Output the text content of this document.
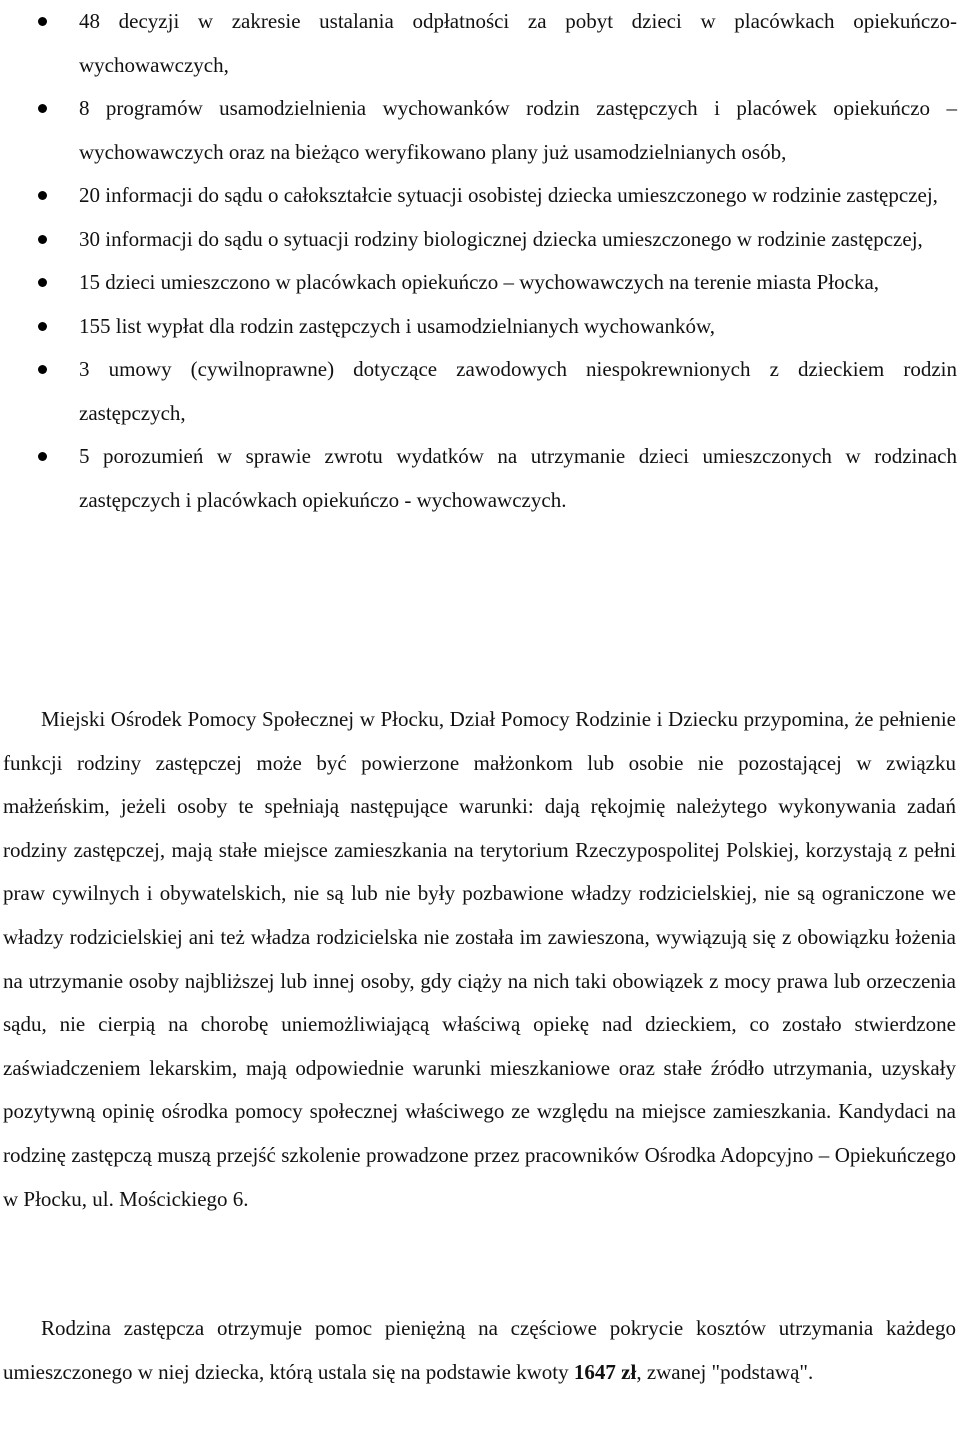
48 decyzji w zakresie ustalania odpłatności za pobyt dzieci w placówkach opiekuńczo-wychowawczych,
8 programów usamodzielnienia wychowanków rodzin zastępczych i placówek opiekuńczo – wychowawczych oraz na bieżąco weryfikowano plany już usamodzielnianych osób,
20 informacji do sądu o całokształcie sytuacji osobistej dziecka umieszczonego w rodzinie zastępczej,
30 informacji do sądu o sytuacji rodziny biologicznej dziecka umieszczonego w rodzinie zastępczej,
15 dzieci umieszczono w placówkach opiekuńczo – wychowawczych na terenie miasta Płocka,
155 list wypłat dla rodzin zastępczych i usamodzielnianych wychowanków,
3 umowy (cywilnoprawne) dotyczące zawodowych niespokrewnionych z dzieckiem rodzin zastępczych,
5 porozumień w sprawie zwrotu wydatków na utrzymanie dzieci umieszczonych w rodzinach zastępczych i placówkach opiekuńczo - wychowawczych.

Miejski Ośrodek Pomocy Społecznej w Płocku, Dział Pomocy Rodzinie i Dziecku przypomina, że pełnienie funkcji rodziny zastępczej może być powierzone małżonkom lub osobie nie pozostającej w związku małżeńskim, jeżeli osoby te spełniają następujące warunki: dają rękojmię należytego wykonywania zadań rodziny zastępczej, mają stałe miejsce zamieszkania na terytorium Rzeczypospolitej Polskiej, korzystają z pełni praw cywilnych i obywatelskich, nie są lub nie były pozbawione władzy rodzicielskiej, nie są ograniczone we władzy rodzicielskiej ani też władza rodzicielska nie została im zawieszona, wywiązują się z obowiązku łożenia na utrzymanie osoby najbliższej lub innej osoby, gdy ciąży na nich taki obowiązek z mocy prawa lub orzeczenia sądu, nie cierpią na chorobę uniemożliwiającą właściwą opiekę nad dzieckiem, co zostało stwierdzone zaświadczeniem lekarskim, mają odpowiednie warunki mieszkaniowe oraz stałe źródło utrzymania, uzyskały pozytywną opinię ośrodka pomocy społecznej właściwego ze względu na miejsce zamieszkania. Kandydaci na rodzinę zastępczą muszą przejść szkolenie prowadzone przez pracowników Ośrodka Adopcyjno – Opiekuńczego w Płocku, ul. Mościckiego 6.

Rodzina zastępcza otrzymuje pomoc pieniężną na częściowe pokrycie kosztów utrzymania każdego umieszczonego w niej dziecka, którą ustala się na podstawie kwoty 1647 zł, zwanej "podstawą".
